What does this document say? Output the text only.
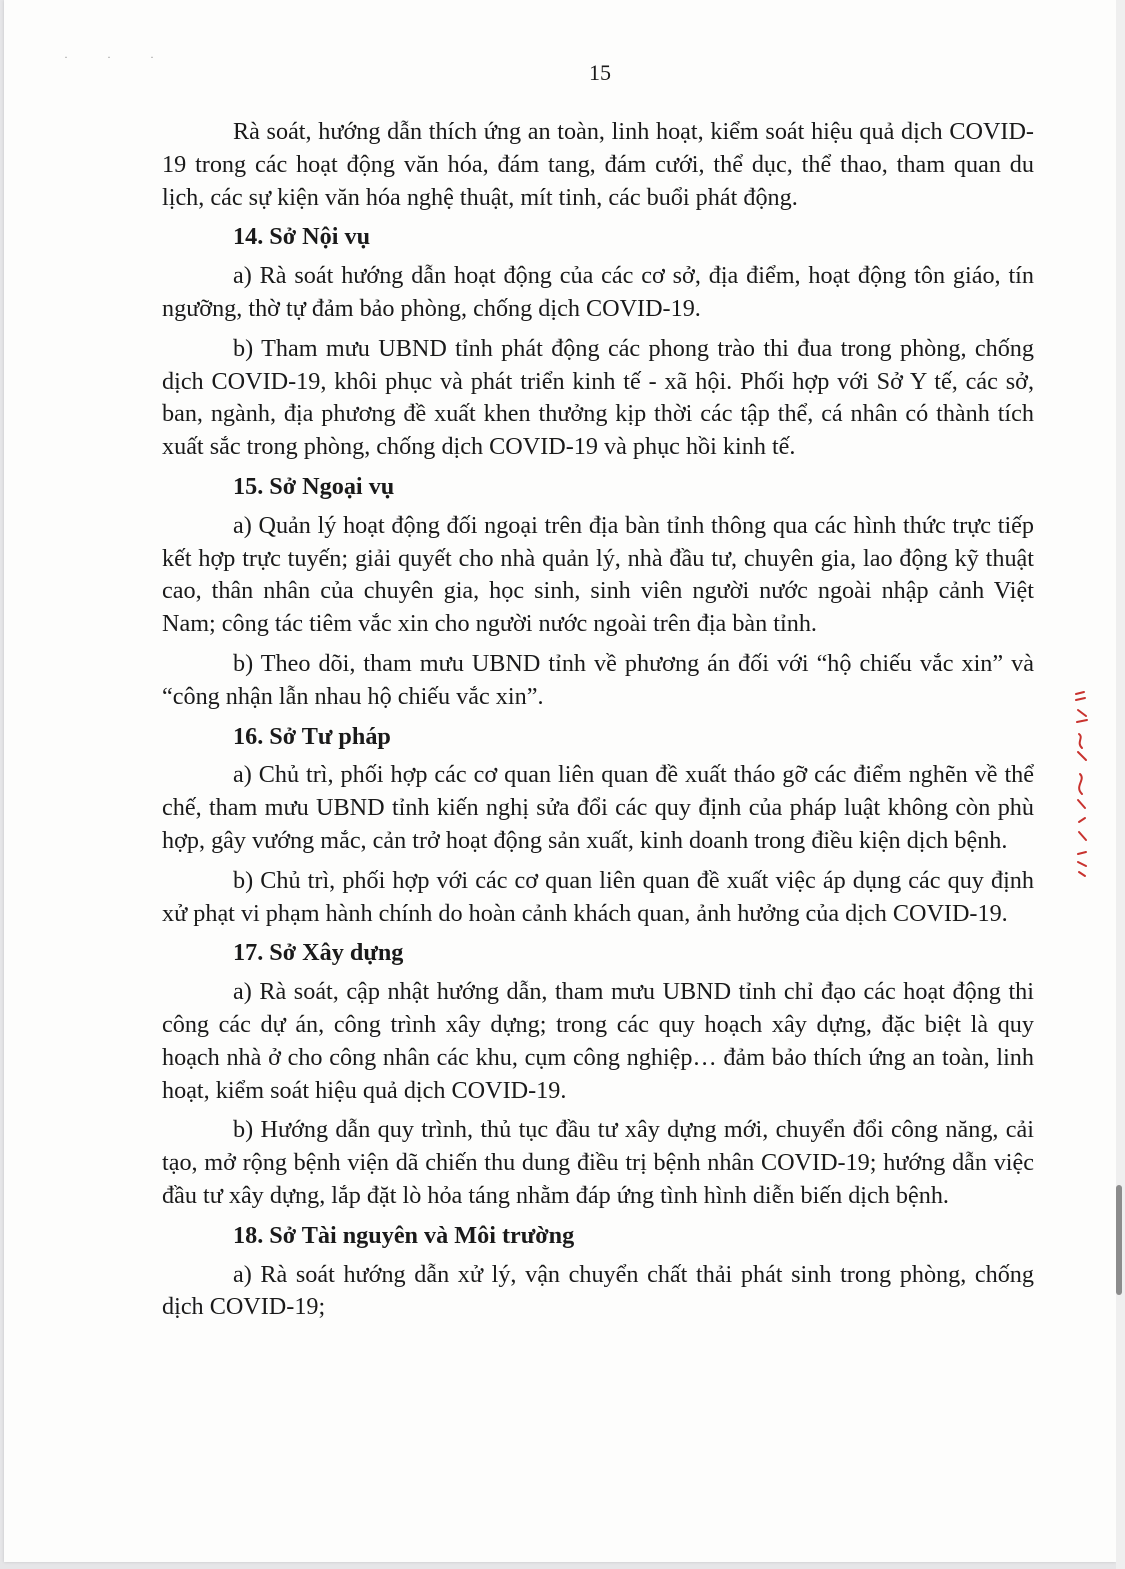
· · ·
15

Rà soát, hướng dẫn thích ứng an toàn, linh hoạt, kiểm soát hiệu quả dịch COVID-19 trong các hoạt động văn hóa, đám tang, đám cưới, thể dục, thể thao, tham quan du lịch, các sự kiện văn hóa nghệ thuật, mít tinh, các buổi phát động.

14. Sở Nội vụ

a) Rà soát hướng dẫn hoạt động của các cơ sở, địa điểm, hoạt động tôn giáo, tín ngưỡng, thờ tự đảm bảo phòng, chống dịch COVID-19.

b) Tham mưu UBND tỉnh phát động các phong trào thi đua trong phòng, chống dịch COVID-19, khôi phục và phát triển kinh tế - xã hội. Phối hợp với Sở Y tế, các sở, ban, ngành, địa phương đề xuất khen thưởng kịp thời các tập thể, cá nhân có thành tích xuất sắc trong phòng, chống dịch COVID-19 và phục hồi kinh tế.

15. Sở Ngoại vụ

a) Quản lý hoạt động đối ngoại trên địa bàn tỉnh thông qua các hình thức trực tiếp kết hợp trực tuyến; giải quyết cho nhà quản lý, nhà đầu tư, chuyên gia, lao động kỹ thuật cao, thân nhân của chuyên gia, học sinh, sinh viên người nước ngoài nhập cảnh Việt Nam; công tác tiêm vắc xin cho người nước ngoài trên địa bàn tỉnh.

b) Theo dõi, tham mưu UBND tỉnh về phương án đối với “hộ chiếu vắc xin” và “công nhận lẫn nhau hộ chiếu vắc xin”.

16. Sở Tư pháp

a) Chủ trì, phối hợp các cơ quan liên quan đề xuất tháo gỡ các điểm nghẽn về thể chế, tham mưu UBND tỉnh kiến nghị sửa đổi các quy định của pháp luật không còn phù hợp, gây vướng mắc, cản trở hoạt động sản xuất, kinh doanh trong điều kiện dịch bệnh.

b) Chủ trì, phối hợp với các cơ quan liên quan đề xuất việc áp dụng các quy định xử phạt vi phạm hành chính do hoàn cảnh khách quan, ảnh hưởng của dịch COVID-19.

17. Sở Xây dựng

a) Rà soát, cập nhật hướng dẫn, tham mưu UBND tỉnh chỉ đạo các hoạt động thi công các dự án, công trình xây dựng; trong các quy hoạch xây dựng, đặc biệt là quy hoạch nhà ở cho công nhân các khu, cụm công nghiệp… đảm bảo thích ứng an toàn, linh hoạt, kiểm soát hiệu quả dịch COVID-19.

b) Hướng dẫn quy trình, thủ tục đầu tư xây dựng mới, chuyển đổi công năng, cải tạo, mở rộng bệnh viện dã chiến thu dung điều trị bệnh nhân COVID-19; hướng dẫn việc đầu tư xây dựng, lắp đặt lò hỏa táng nhằm đáp ứng tình hình diễn biến dịch bệnh.

18. Sở Tài nguyên và Môi trường

a) Rà soát hướng dẫn xử lý, vận chuyển chất thải phát sinh trong phòng, chống dịch COVID-19;
